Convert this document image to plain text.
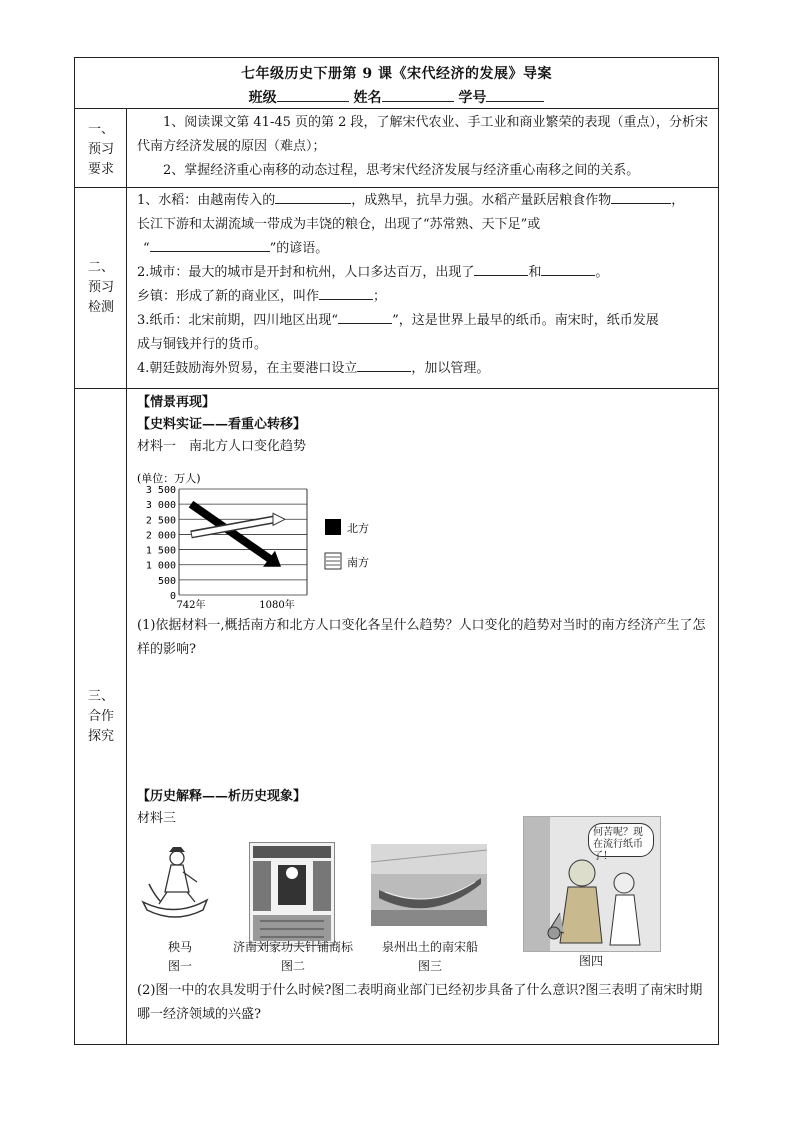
七年级历史下册第 9 课《宋代经济的发展》导案
班级	姓名	学号
一、
预习
要求

1、阅读课文第 41-45 页的第 2 段，了解宋代农业、手工业和商业繁荣的表现（重点），分析宋代南方经济发展的原因（难点）；

2、掌握经济重心南移的动态过程，思考宋代经济发展与经济重心南移之间的关系。

二、
预习
检测

1、水稻：由越南传入的	，成熟早，抗旱力强。水稻产量跃居粮食作物	，

长江下游和太湖流域一带成为丰饶的粮仓，出现了“苏常熟、天下足”或

“	”的谚语。

2.城市：最大的城市是开封和杭州，人口多达百万，出现了	和	。

乡镇：形成了新的商业区，叫作	；

3.纸币：北宋前期，四川地区出现“	”，这是世界上最早的纸币。南宋时，纸币发展

成与铜钱并行的货币。

4.朝廷鼓励海外贸易，在主要港口设立	，加以管理。

三、
合作
探究

【情景再现】

【史料实证——看重心转移】

材料一　南北方人口变化趋势

(单位：万人)
3 500
3 000
2 500
2 000
1 500
1 000
500
0
742年	1080年
北方
南方

(1)依据材料一,概括南方和北方人口变化各呈什么趋势？人口变化的趋势对当时的南方经济产生了怎样的影响?

【历史解释——析历史现象】

材料三

秧马
图一
济南刘家功夫针铺商标
图二
泉州出土的南宋船
图三
何苦呢？现在流行纸币了！
图四

(2)图一中的农具发明于什么时候?图二表明商业部门已经初步具备了什么意识?图三表明了南宋时期哪一经济领域的兴盛?
